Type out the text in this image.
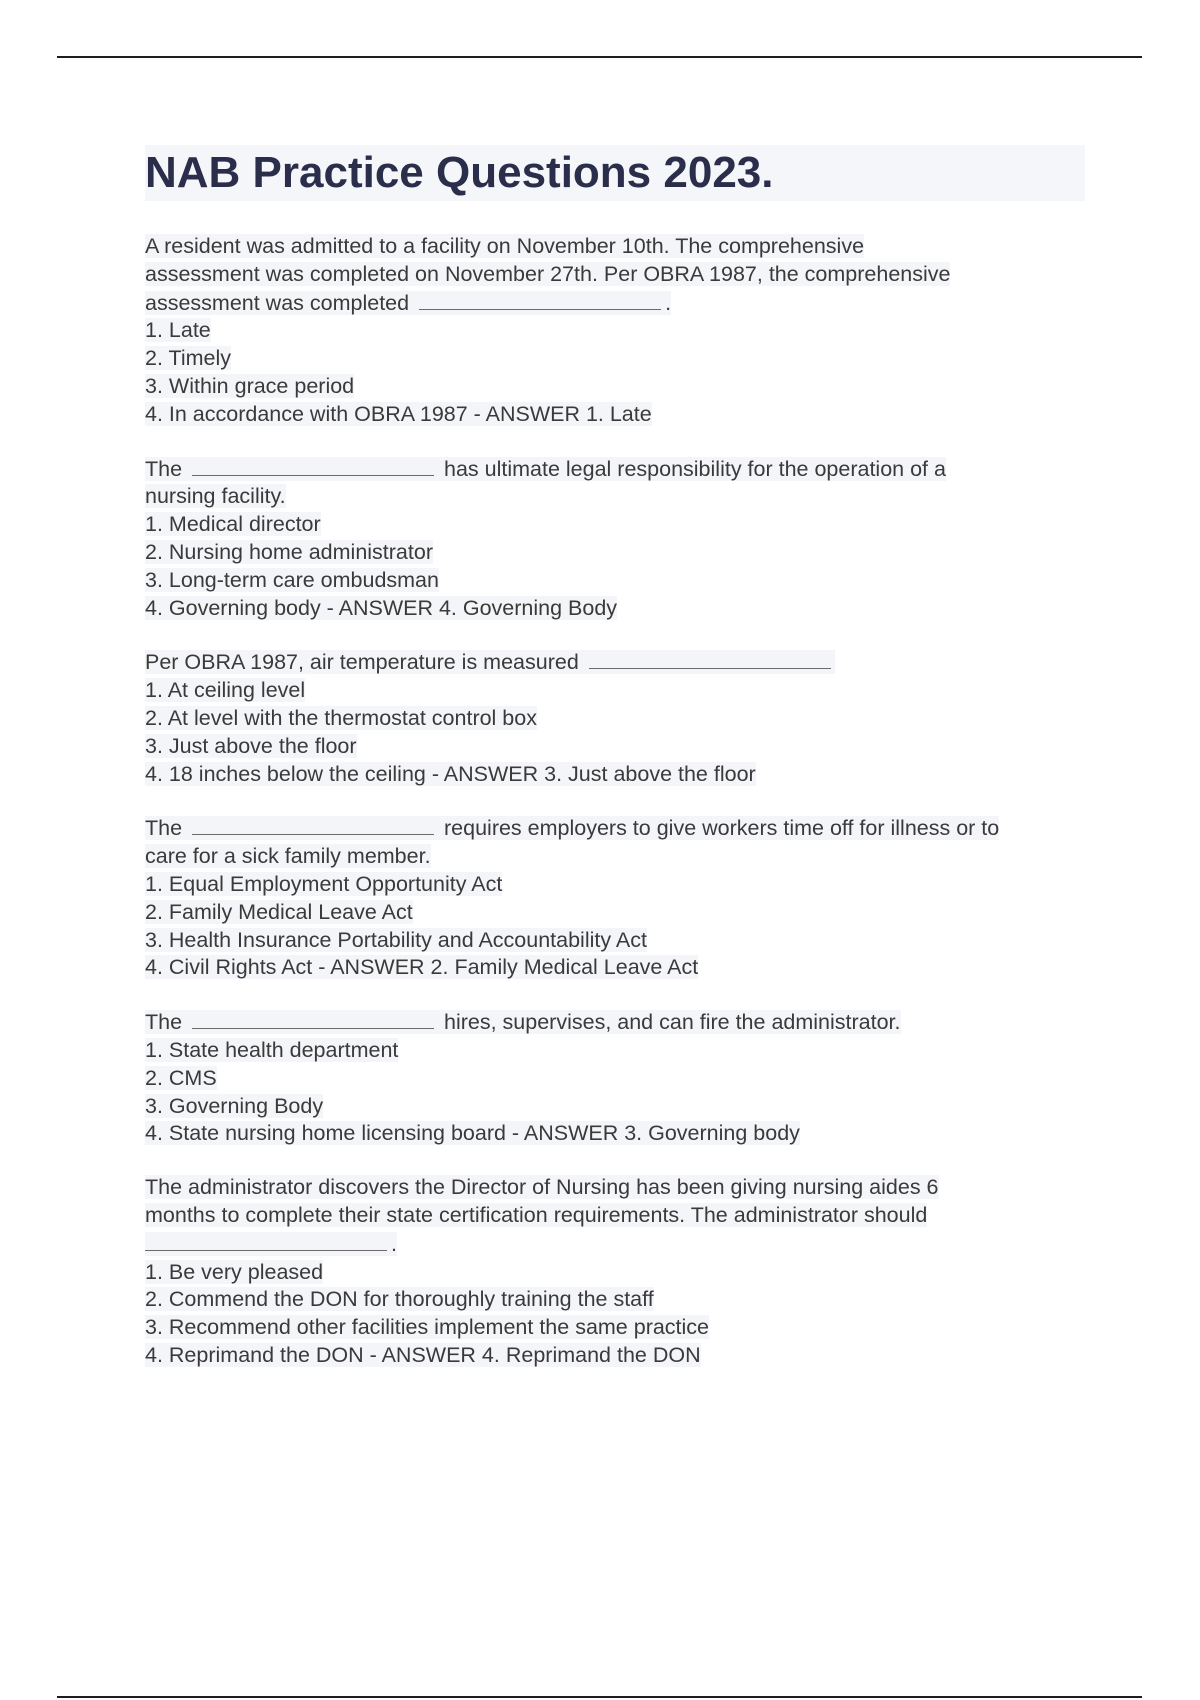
NAB Practice Questions 2023.
A resident was admitted to a facility on November 10th. The comprehensive
assessment was completed on November 27th. Per OBRA 1987, the comprehensive
assessment was completed	.
1. Late
2. Timely
3. Within grace period
4. In accordance with OBRA 1987 - ANSWER 1. Late
The	has ultimate legal responsibility for the operation of a
nursing facility.
1. Medical director
2. Nursing home administrator
3. Long-term care ombudsman
4. Governing body - ANSWER 4. Governing Body
Per OBRA 1987, air temperature is measured
1. At ceiling level
2. At level with the thermostat control box
3. Just above the floor
4. 18 inches below the ceiling - ANSWER 3. Just above the floor
The	requires employers to give workers time off for illness or to
care for a sick family member.
1. Equal Employment Opportunity Act
2. Family Medical Leave Act
3. Health Insurance Portability and Accountability Act
4. Civil Rights Act - ANSWER 2. Family Medical Leave Act
The	hires, supervises, and can fire the administrator.
1. State health department
2. CMS
3. Governing Body
4. State nursing home licensing board - ANSWER 3. Governing body
The administrator discovers the Director of Nursing has been giving nursing aides 6
months to complete their state certification requirements. The administrator should
.
1. Be very pleased
2. Commend the DON for thoroughly training the staff
3. Recommend other facilities implement the same practice
4. Reprimand the DON - ANSWER 4. Reprimand the DON
